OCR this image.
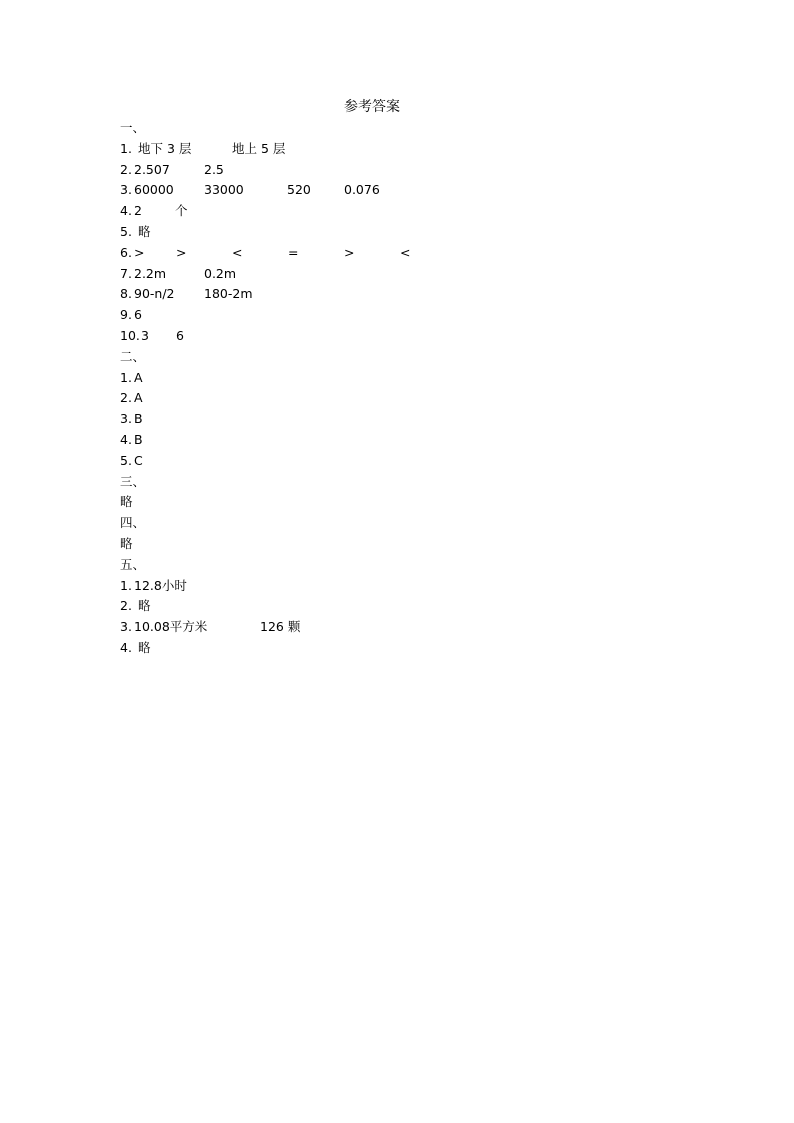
参考答案
一、
1. 地下 3 层	地上 5 层
2. 2.507	2.5
3. 60000 33000	520	0.076
4. 2	个
5. 略
6. >	>	<	=	>	<
7. 2.2m	0.2m
8. 90-n/2 180-2m
9. 6
10. 3 6
二、
1. A
2. A
3. B
4. B
5. C
三、
略
四、
略
五、
1. 12.8小时
2. 略
3. 10.08平方米	126 颗
4. 略
